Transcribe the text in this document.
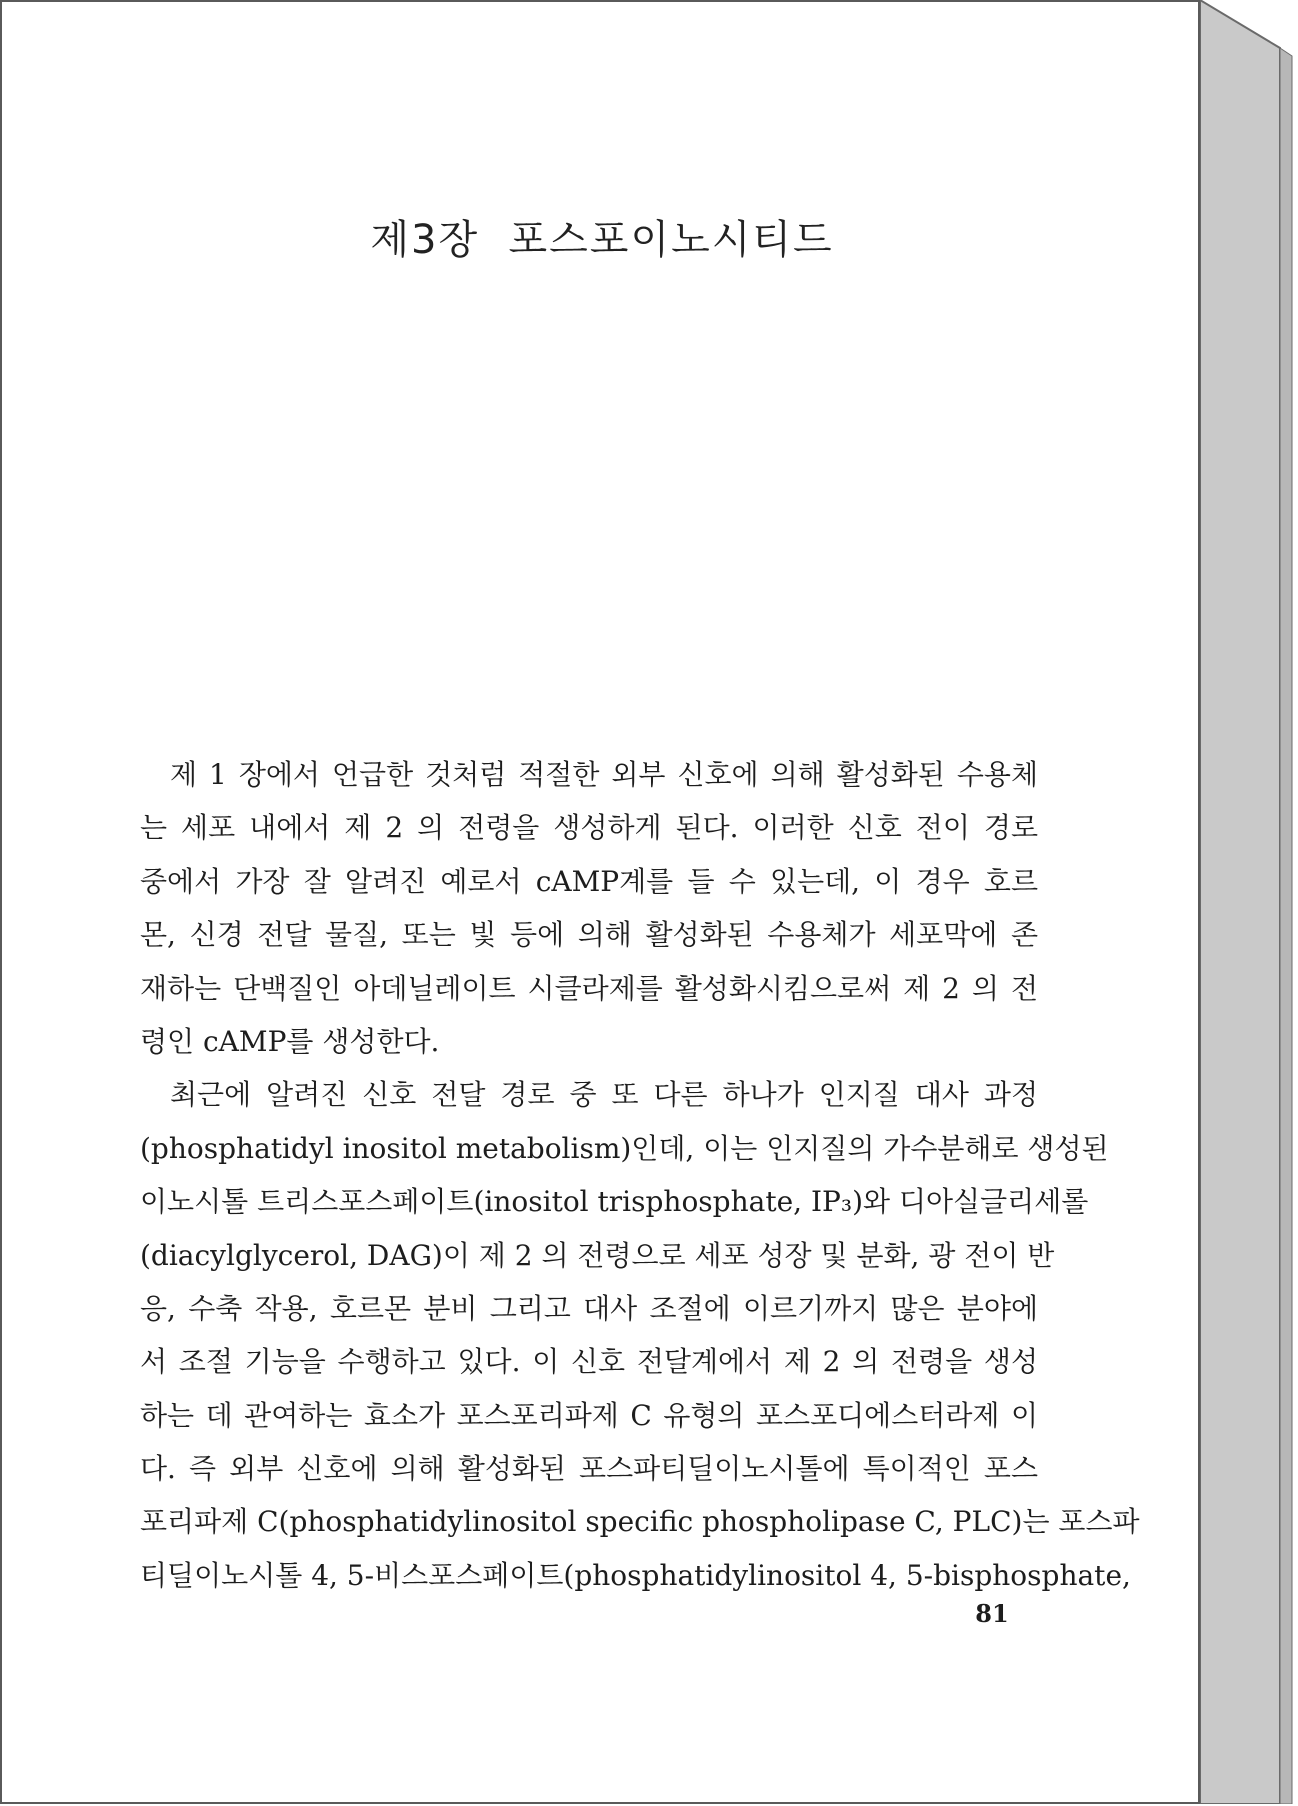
제3장  포스포이노시티드
제 1 장에서 언급한 것처럼 적절한 외부 신호에 의해 활성화된 수용체
는 세포 내에서 제 2 의 전령을 생성하게 된다. 이러한 신호 전이 경로
중에서 가장 잘 알려진 예로서 cAMP계를 들 수 있는데, 이 경우 호르
몬, 신경 전달 물질, 또는 빛 등에 의해 활성화된 수용체가 세포막에 존
재하는 단백질인 아데닐레이트 시클라제를 활성화시킴으로써 제 2 의 전
령인 cAMP를 생성한다.
최근에 알려진 신호 전달 경로 중 또 다른 하나가 인지질 대사 과정
(phosphatidyl inositol metabolism)인데, 이는 인지질의 가수분해로 생성된
이노시톨 트리스포스페이트(inositol trisphosphate, IP₃)와 디아실글리세롤
(diacylglycerol, DAG)이 제 2 의 전령으로 세포 성장 및 분화, 광 전이 반
응, 수축 작용, 호르몬 분비 그리고 대사 조절에 이르기까지 많은 분야에
서 조절 기능을 수행하고 있다. 이 신호 전달계에서 제 2 의 전령을 생성
하는 데 관여하는 효소가 포스포리파제 C 유형의 포스포디에스터라제 이
다. 즉 외부 신호에 의해 활성화된 포스파티딜이노시톨에 특이적인 포스
포리파제 C(phosphatidylinositol specific phospholipase C, PLC)는 포스파
티딜이노시톨 4, 5-비스포스페이트(phosphatidylinositol 4, 5-bisphosphate,
81
